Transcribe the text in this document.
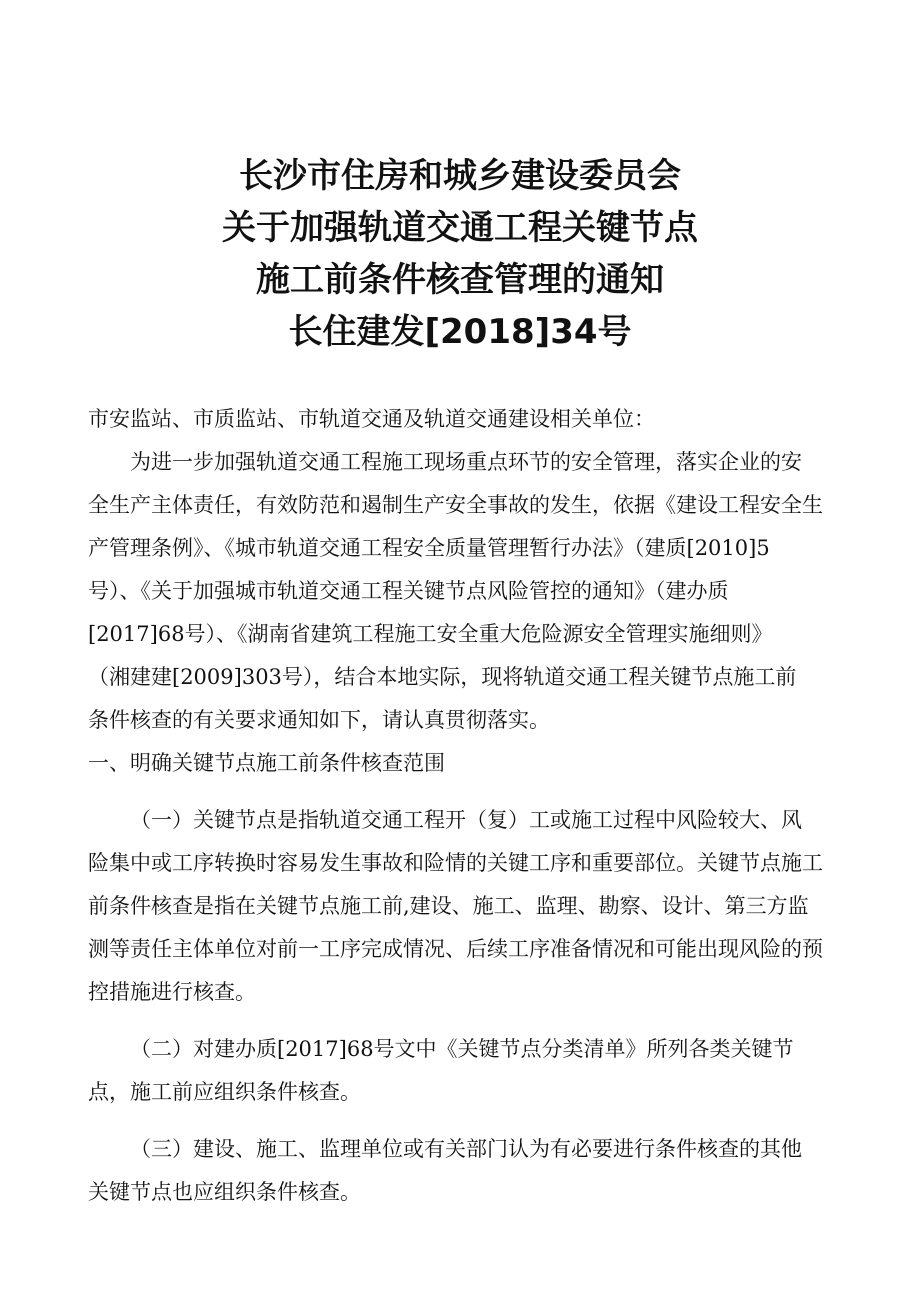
长沙市住房和城乡建设委员会
关于加强轨道交通工程关键节点
施工前条件核查管理的通知
长住建发[2018]34号
市安监站、市质监站、市轨道交通及轨道交通建设相关单位：
为进一步加强轨道交通工程施工现场重点环节的安全管理，落实企业的安
全生产主体责任，有效防范和遏制生产安全事故的发生，依据《建设工程安全生
产管理条例》、《城市轨道交通工程安全质量管理暂行办法》（建质[2010]5
号）、《关于加强城市轨道交通工程关键节点风险管控的通知》（建办质
[2017]68号）、《湖南省建筑工程施工安全重大危险源安全管理实施细则》
（湘建建[2009]303号），结合本地实际，现将轨道交通工程关键节点施工前
条件核查的有关要求通知如下，请认真贯彻落实。
一、明确关键节点施工前条件核查范围
（一）关键节点是指轨道交通工程开（复）工或施工过程中风险较大、风
险集中或工序转换时容易发生事故和险情的关键工序和重要部位。关键节点施工
前条件核查是指在关键节点施工前,建设、施工、监理、勘察、设计、第三方监
测等责任主体单位对前一工序完成情况、后续工序准备情况和可能出现风险的预
控措施进行核查。
（二）对建办质[2017]68号文中《关键节点分类清单》所列各类关键节
点，施工前应组织条件核查。
（三）建设、施工、监理单位或有关部门认为有必要进行条件核查的其他
关键节点也应组织条件核查。
